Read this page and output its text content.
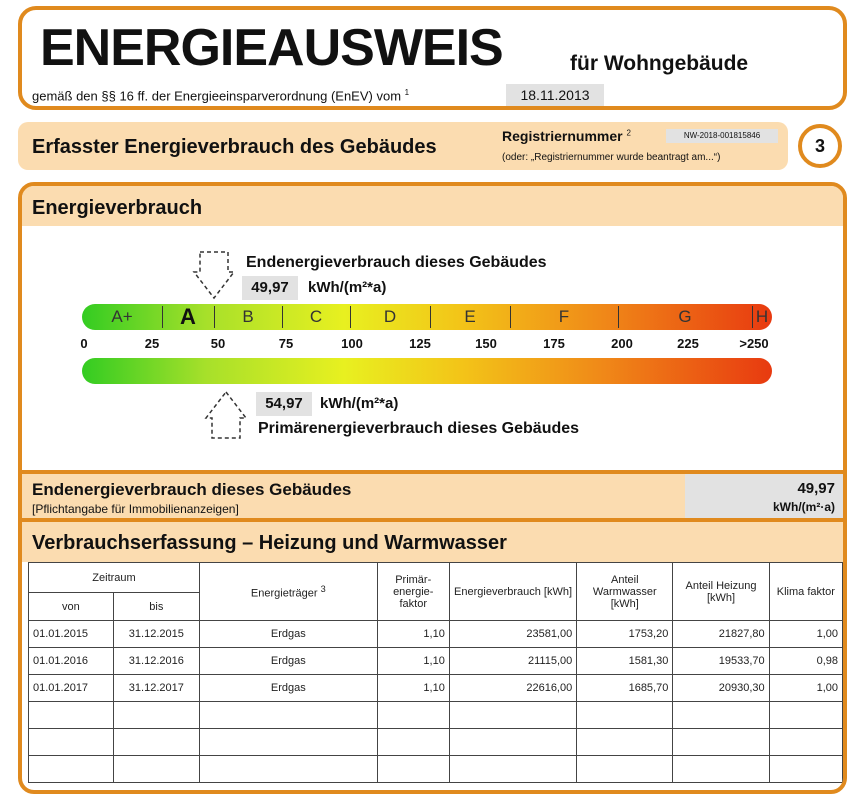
ENERGIEAUSWEIS	für Wohngebäude
gemäß den §§ 16 ff. der Energieeinsparverordnung (EnEV) vom $^1$	18.11.2013
Erfasster Energieverbrauch des Gebäudes	Registriernummer $^2$	NW-2018-001815846
(oder: „Registriernummer wurde beantragt am...“)
3
Energieverbrauch
Endenergieverbrauch dieses Gebäudes
49,97	kWh/(m²*a)
A+	A	B	C	D	E	F	G	H
0	25	50	75	100	125	150	175	200	225	>250
54,97	kWh/(m²*a)
Primärenergieverbrauch dieses Gebäudes
Endenergieverbrauch dieses Gebäudes
[Pflichtangabe für Immobilienanzeigen]
49,97
kWh/(m²·a)
Verbrauchserfassung – Heizung und Warmwasser
Zeitraum		Energieträger $^3$	Primär-energie-faktor	Energieverbrauch [kWh]	Anteil Warmwasser [kWh]	Anteil Heizung [kWh]	Klima faktor
von	bis						
01.01.2015	31.12.2015	Erdgas	1,10	23581,00	1753,20	21827,80	1,00
01.01.2016	31.12.2016	Erdgas	1,10	21115,00	1581,30	19533,70	0,98
01.01.2017	31.12.2017	Erdgas	1,10	22616,00	1685,70	20930,30	1,00
